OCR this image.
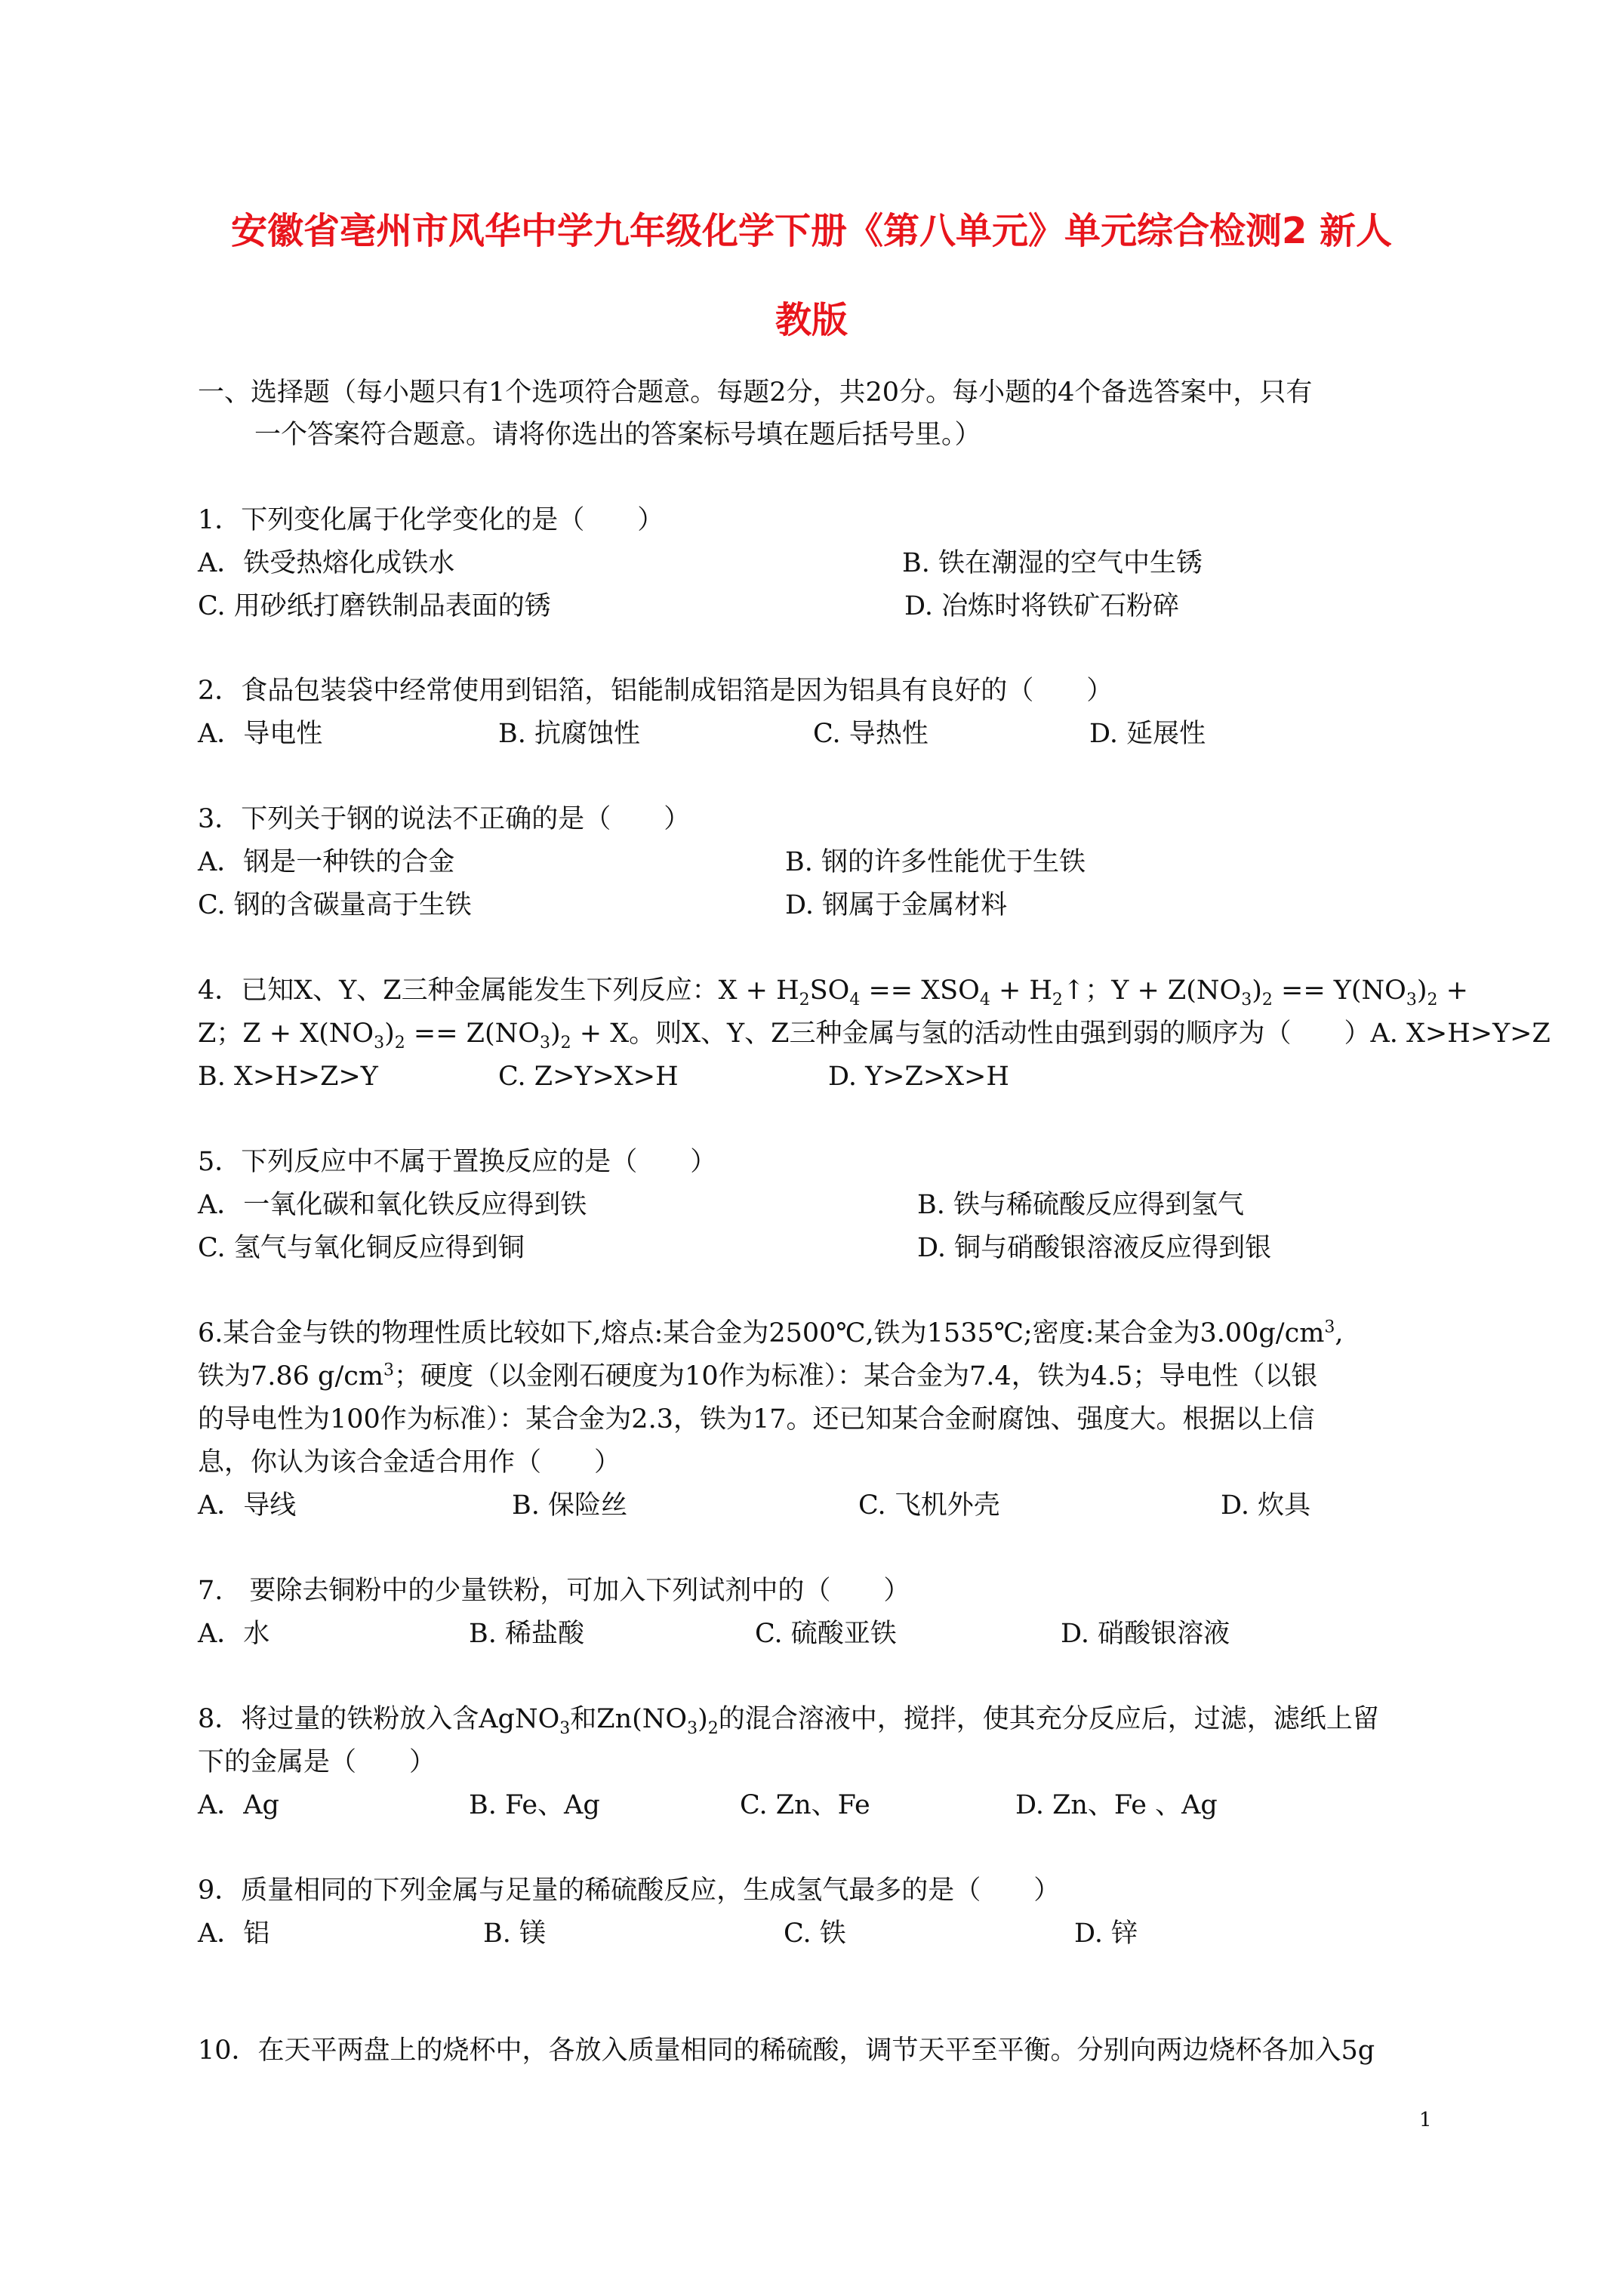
安徽省亳州市风华中学九年级化学下册《第八单元》单元综合检测2 新人
教版

一、选择题（每小题只有1个选项符合题意。每题2分，共20分。每小题的4个备选答案中，只有

一个答案符合题意。请将你选出的答案标号填在题后括号里。）

1．下列变化属于化学变化的是（　　）

A．铁受热熔化成铁水	B. 铁在潮湿的空气中生锈
C. 用砂纸打磨铁制品表面的锈	D. 冶炼时将铁矿石粉碎

2．食品包装袋中经常使用到铝箔，铝能制成铝箔是因为铝具有良好的（　　）

A．导电性	B. 抗腐蚀性	C. 导热性	D. 延展性

3．下列关于钢的说法不正确的是（　　）

A．钢是一种铁的合金	B. 钢的许多性能优于生铁
C. 钢的含碳量高于生铁	D. 钢属于金属材料

4．已知X、Y、Z三种金属能发生下列反应：$X + H_2SO_4 == XSO_4$ + $H_2↑$；$Y + Z(NO_3)_2 == Y(NO_3)_2$ +

Z；$Z + X(NO_3)_2 == Z(NO_3)_2 + X$。则X、Y、Z三种金属与氢的活动性由强到弱的顺序为（　　）A. X>H>Y>Z

B. X>H>Z>Y	C. Z>Y>X>H	D. Y>Z>X>H

5．下列反应中不属于置换反应的是（　　）

A．一氧化碳和氧化铁反应得到铁	B. 铁与稀硫酸反应得到氢气
C. 氢气与氧化铜反应得到铜	D. 铜与硝酸银溶液反应得到银

6.某合金与铁的物理性质比较如下,熔点:某合金为2500℃,铁为1535℃;密度:某合金为$3.00g/cm^3$,

铁为7.86 $g/cm^3$；硬度（以金刚石硬度为10作为标准）：某合金为7.4，铁为4.5；导电性（以银

的导电性为100作为标准）：某合金为2.3，铁为17。还已知某合金耐腐蚀、强度大。根据以上信

息，你认为该合金适合用作（　　）

A．导线	B. 保险丝	C. 飞机外壳	D. 炊具

7.　要除去铜粉中的少量铁粉，可加入下列试剂中的（　　）

A．水	B. 稀盐酸	C. 硫酸亚铁	D. 硝酸银溶液

8．将过量的铁粉放入含AgNO$_3$和$Zn(NO_3)_2$的混合溶液中，搅拌，使其充分反应后，过滤，滤纸上留

下的金属是（　　）

A．Ag	B. Fe、Ag	C. Zn、Fe	D. Zn、Fe 、Ag

9．质量相同的下列金属与足量的稀硫酸反应，生成氢气最多的是（　　）

A．铝	B. 镁	C. 铁	D. 锌

10．在天平两盘上的烧杯中，各放入质量相同的稀硫酸，调节天平至平衡。分别向两边烧杯各加入5g

1
